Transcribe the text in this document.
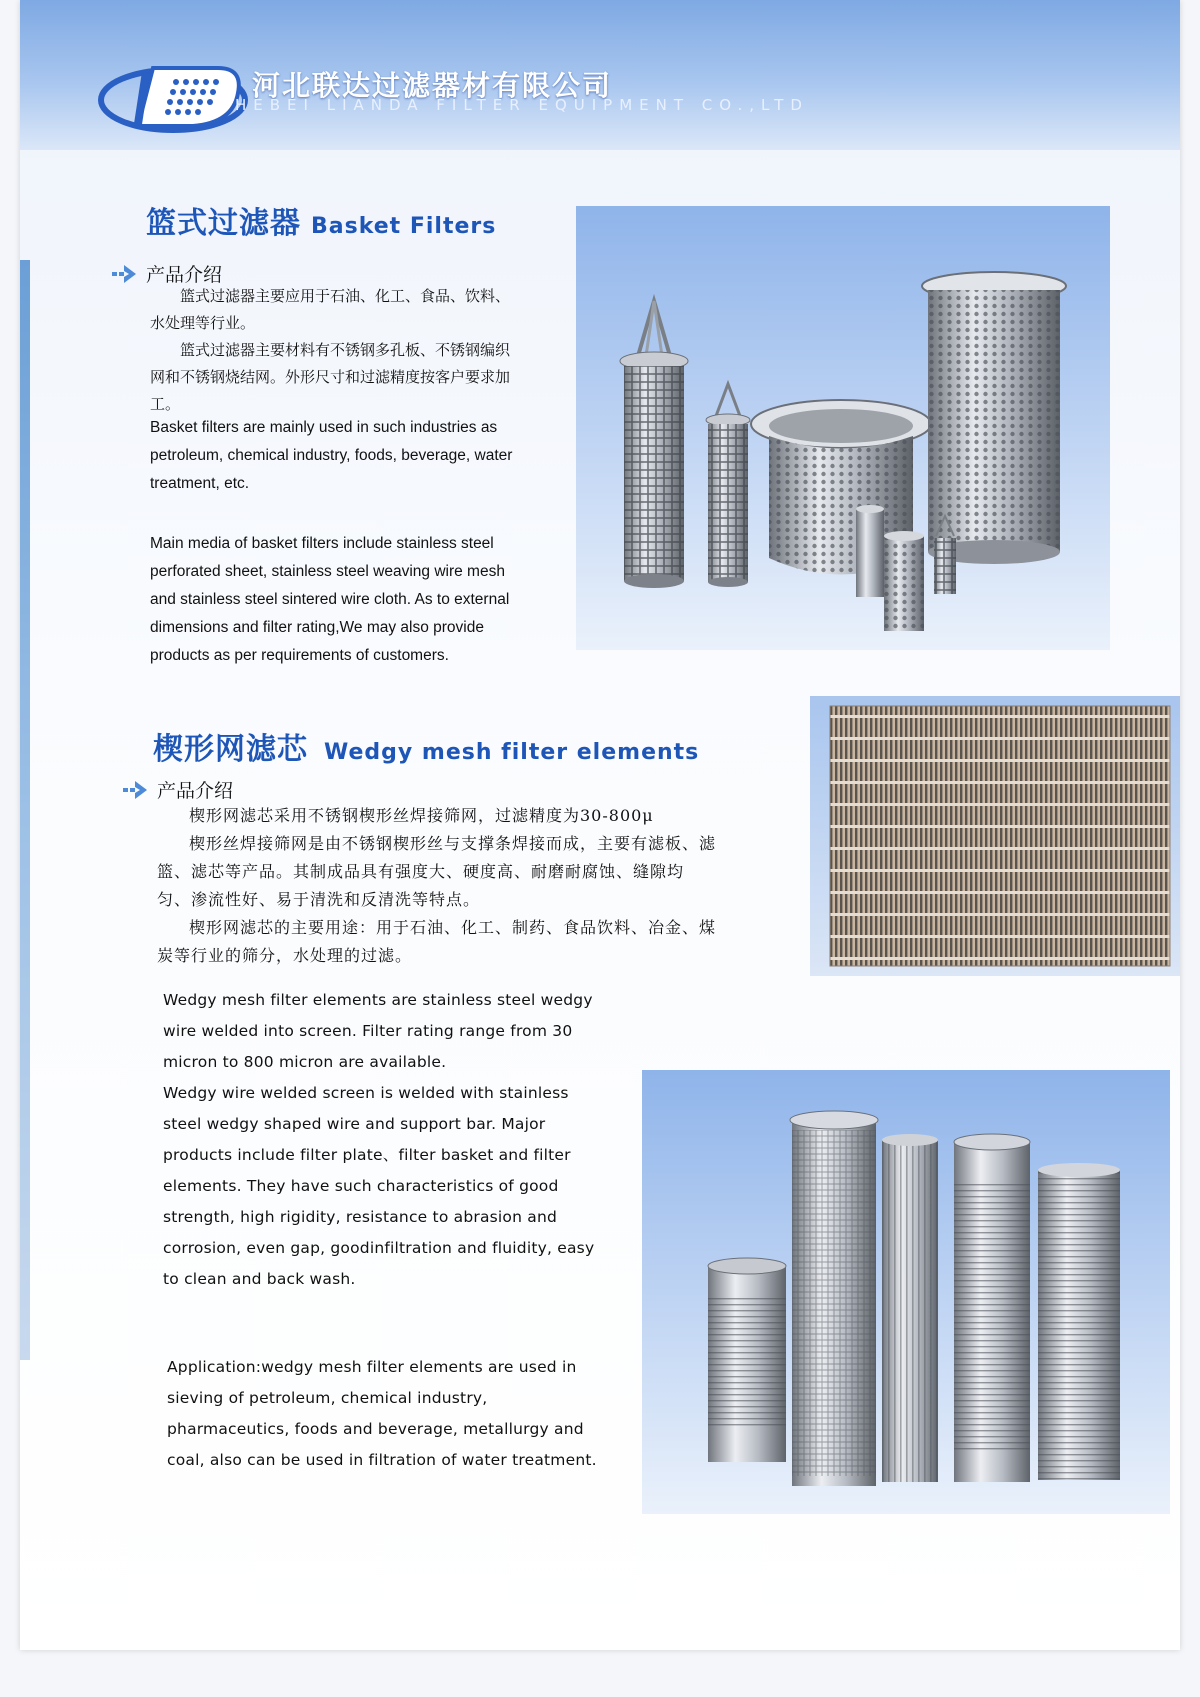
河北联达过滤器材有限公司
HEBEI LIANDA FILTER EQUIPMENT CO.,LTD
篮式过滤器 Basket Filters
产品介绍

篮式过滤器主要应用于石油、化工、食品、饮料、水处理等行业。

篮式过滤器主要材料有不锈钢多孔板、不锈钢编织网和不锈钢烧结网。外形尺寸和过滤精度按客户要求加工。

Basket filters are mainly used in such industries as petroleum, chemical industry, foods, beverage, water treatment, etc.
Main media of basket filters include stainless steel perforated sheet, stainless steel weaving wire mesh and stainless steel sintered wire cloth. As to external dimensions and filter rating,We may also provide products as per requirements of customers.
楔形网滤芯 Wedgy mesh filter elements
产品介绍

楔形网滤芯采用不锈钢楔形丝焊接筛网，过滤精度为30-800μ

楔形丝焊接筛网是由不锈钢楔形丝与支撑条焊接而成，主要有滤板、滤篮、滤芯等产品。其制成品具有强度大、硬度高、耐磨耐腐蚀、缝隙均匀、渗流性好、易于清洗和反清洗等特点。

楔形网滤芯的主要用途：用于石油、化工、制药、食品饮料、冶金、煤炭等行业的筛分，水处理的过滤。

Wedgy mesh filter elements are stainless steel wedgy wire welded into screen. Filter rating range from 30 micron to 800 micron are available.

Wedgy wire welded screen is welded with stainless steel wedgy shaped wire and support bar. Major products include filter plate、filter basket and filter elements. They have such characteristics of good strength, high rigidity, resistance to abrasion and corrosion, even gap, goodinfiltration and fluidity, easy to clean and back wash.

Application:wedgy mesh filter elements are used in sieving of petroleum, chemical industry, pharmaceutics, foods and beverage, metallurgy and coal, also can be used in filtration of water treatment.
